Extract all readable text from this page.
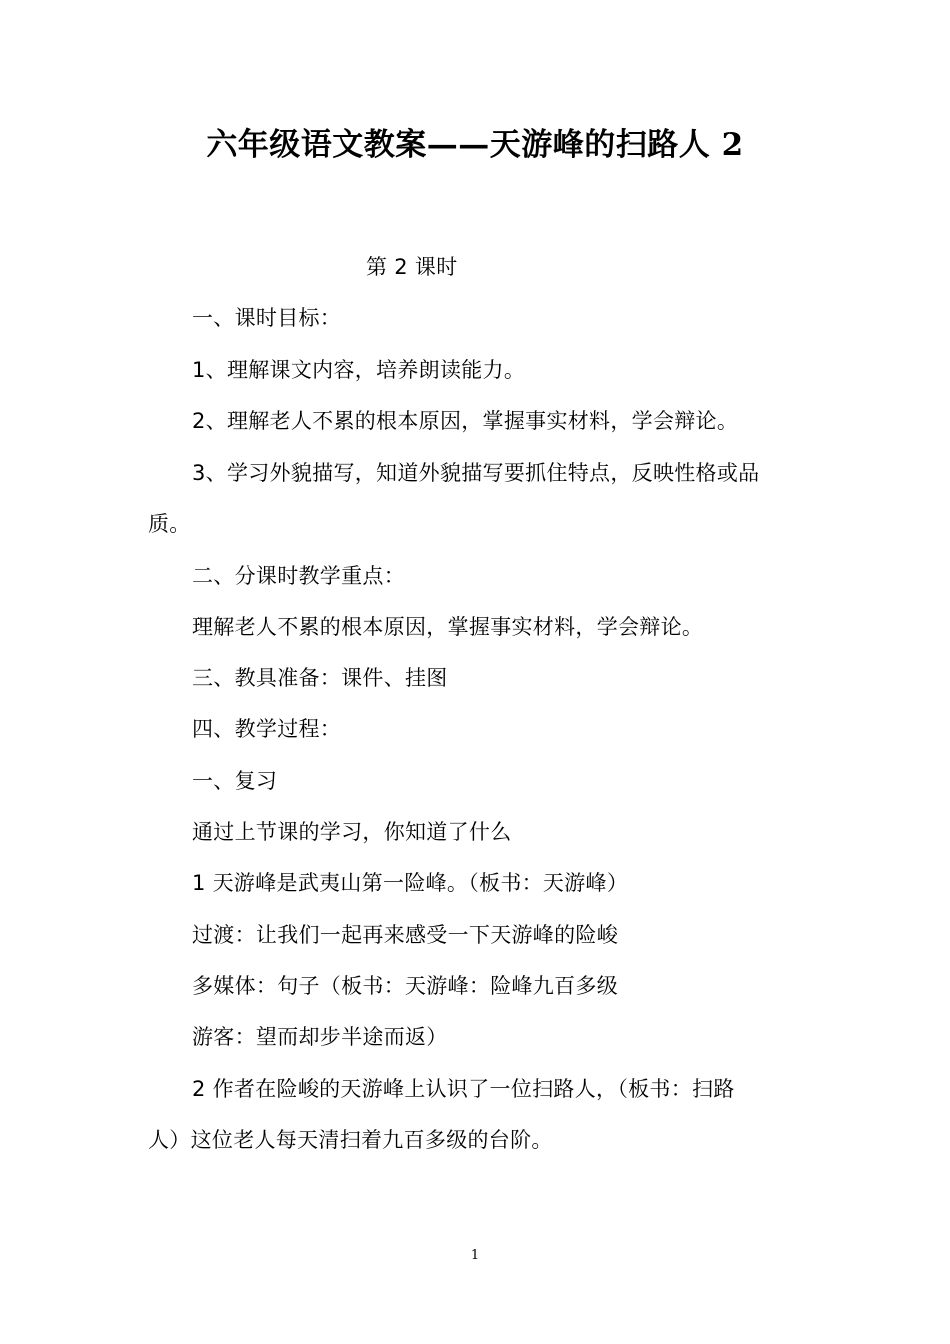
六年级语文教案——天游峰的扫路人 2
第 2 课时
一、课时目标：
1、理解课文内容，培养朗读能力。
2、理解老人不累的根本原因，掌握事实材料，学会辩论。
3、学习外貌描写，知道外貌描写要抓住特点，反映性格或品
质。
二、分课时教学重点：
理解老人不累的根本原因，掌握事实材料，学会辩论。
三、教具准备：课件、挂图
四、教学过程：
一、复习
通过上节课的学习，你知道了什么
1 天游峰是武夷山第一险峰。（板书：天游峰）
过渡：让我们一起再来感受一下天游峰的险峻
多媒体：句子（板书：天游峰：险峰九百多级
游客：望而却步半途而返）
2 作者在险峻的天游峰上认识了一位扫路人，（板书：扫路
人）这位老人每天清扫着九百多级的台阶。
1
